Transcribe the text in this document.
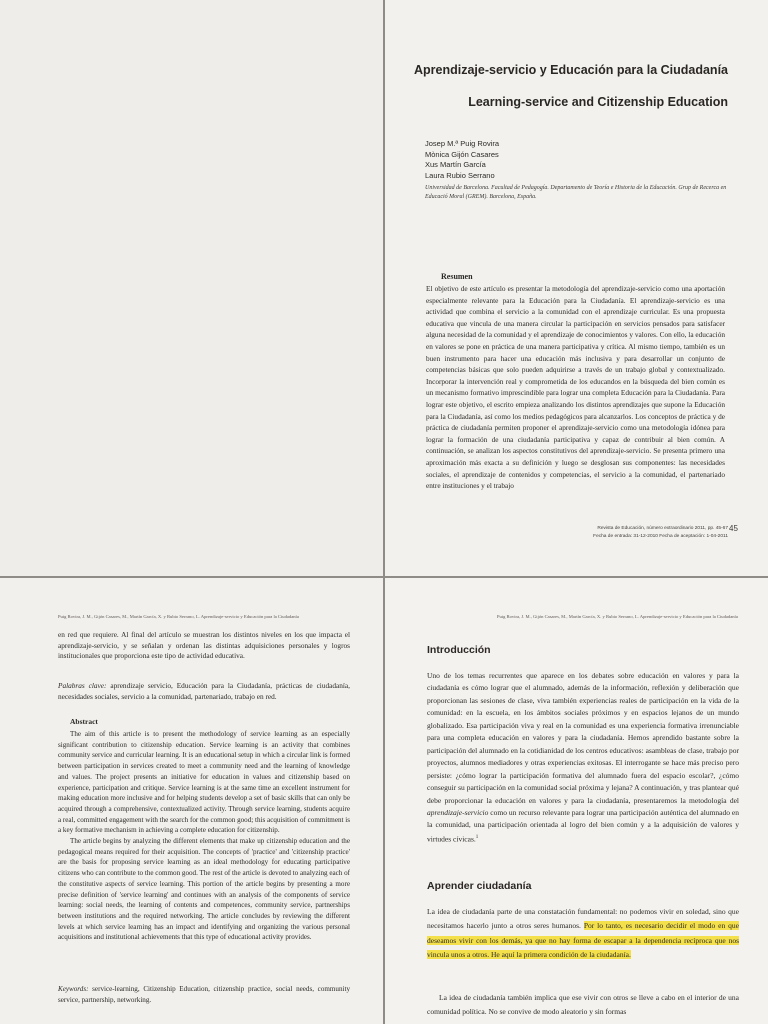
Aprendizaje-servicio y Educación para la Ciudadanía
Learning-service and Citizenship Education
Josep M.ª Puig Rovira
Mònica Gijón Casares
Xus Martín García
Laura Rubio Serrano
Universidad de Barcelona. Facultad de Pedagogía. Departamento de Teoría e Historia de la Educación. Grup de Recerca en Educació Moral (GREM). Barcelona, España.
Resumen

El objetivo de este artículo es presentar la metodología del aprendizaje-servicio como una aportación especialmente relevante para la Educación para la Ciudadanía. El aprendizaje-servicio es una actividad que combina el servicio a la comunidad con el aprendizaje curricular. Es una propuesta educativa que vincula de una manera circular la participación en servicios pensados para satisfacer alguna necesidad de la comunidad y el aprendizaje de conocimientos y valores. Con ello, la educación en valores se pone en práctica de una manera participativa y crítica. Al mismo tiempo, también es un buen instrumento para hacer una educación más inclusiva y para desarrollar un conjunto de competencias básicas que solo pueden adquirirse a través de un trabajo global y contextualizado. Incorporar la intervención real y comprometida de los educandos en la búsqueda del bien común es un mecanismo formativo imprescindible para lograr una completa Educación para la Ciudadanía. Para lograr este objetivo, el escrito empieza analizando los distintos aprendizajes que supone la Educación para la Ciudadanía, así como los medios pedagógicos para alcanzarlos. Los conceptos de práctica y de práctica de ciudadanía permiten proponer el aprendizaje-servicio como una metodología idónea para lograr la formación de una ciudadanía participativa y capaz de contribuir al bien común. A continuación, se analizan los aspectos constitutivos del aprendizaje-servicio. Se presenta primero una aproximación más exacta a su definición y luego se desglosan sus componentes: las necesidades sociales, el aprendizaje de contenidos y competencias, el servicio a la comunidad, el partenariado entre instituciones y el trabajo

45
Revista de Educación, número extraordinario 2011, pp. 45-67
Fecha de entrada: 31-12-2010 Fecha de aceptación: 1-04-2011
Puig Rovira, J. M., Gijón Casares, M., Martín García, X. y Rubio Serrano, L. Aprendizaje-servicio y Educación para la Ciudadanía

en red que requiere. Al final del artículo se muestran los distintos niveles en los que impacta el aprendizaje-servicio, y se señalan y ordenan las distintas adquisiciones personales y logros institucionales que proporciona este tipo de actividad educativa.

Palabras clave: aprendizaje servicio, Educación para la Ciudadanía, prácticas de ciudadanía, necesidades sociales, servicio a la comunidad, partenariado, trabajo en red.

Abstract

The aim of this article is to present the methodology of service learning as an especially significant contribution to citizenship education. Service learning is an activity that combines community service and curricular learning. It is an educational setup in which a circular link is formed between participation in services created to meet a community need and the learning of knowledge and values. The project presents an initiative for education in values and citizenship based on experience, participation and critique. Service learning is at the same time an excellent instrument for making education more inclusive and for helping students develop a set of basic skills that can only be acquired through a comprehensive, contextualized activity. Through service learning, students acquire a real, committed engagement with the search for the common good; this acquisition of commitment is a key formative mechanism in achieving a complete education for citizenship.

The article begins by analyzing the different elements that make up citizenship education and the pedagogical means required for their acquisition. The concepts of 'practice' and 'citizenship practice' are the basis for proposing service learning as an ideal methodology for educating participative citizens who can contribute to the common good. The rest of the article is devoted to analyzing each of the constitutive aspects of service learning. This portion of the article begins by presenting a more precise definition of 'service learning' and continues with an analysis of the components of service learning: social needs, the learning of contents and competences, community service, partnerships between institutions and the required networking. The article concludes by reviewing the different levels at which service learning has an impact and identifying and organizing the various personal acquisitions and institutional achievements that this type of educational activity provides.

Keywords: service-learning, Citizenship Education, citizenship practice, social needs, community service, partnership, networking.

Puig Rovira, J. M., Gijón Casares, M., Martín García, X. y Rubio Serrano, L. Aprendizaje-servicio y Educación para la Ciudadanía
Introducción

Uno de los temas recurrentes que aparece en los debates sobre educación en valores y para la ciudadanía es cómo lograr que el alumnado, además de la información, reflexión y deliberación que proporcionan las sesiones de clase, viva también experiencias reales de participación en la vida de la comunidad: en la escuela, en los ámbitos sociales próximos y en espacios lejanos de un mundo globalizado. Esa participación viva y real en la comunidad es una experiencia formativa irrenunciable para una completa educación en valores y para la ciudadanía. Hemos aprendido bastante sobre la participación del alumnado en la cotidianidad de los centros educativos: asambleas de clase, trabajo por proyectos, alumnos mediadores y otras experiencias exitosas. El interrogante se hace más preciso pero persiste: ¿cómo lograr la participación formativa del alumnado fuera del espacio escolar?, ¿cómo conseguir su participación en la comunidad social próxima y lejana? A continuación, y tras plantear qué debe proporcionar la educación en valores y para la ciudadanía, presentaremos la metodología del aprendizaje-servicio como un recurso relevante para lograr una participación auténtica del alumnado en la comunidad, una participación orientada al logro del bien común y a la adquisición de valores y virtudes cívicas.$^1$

Aprender ciudadanía

La idea de ciudadanía parte de una constatación fundamental: no podemos vivir en soledad, sino que necesitamos hacerlo junto a otros seres humanos. Por lo tanto, es necesario decidir el modo en que deseamos vivir con los demás, ya que no hay forma de escapar a la dependencia recíproca que nos vincula unos a otros. He aquí la primera condición de la ciudadanía.

La idea de ciudadanía también implica que ese vivir con otros se lleve a cabo en el interior de una comunidad política. No se convive de modo aleatorio y sin formas
